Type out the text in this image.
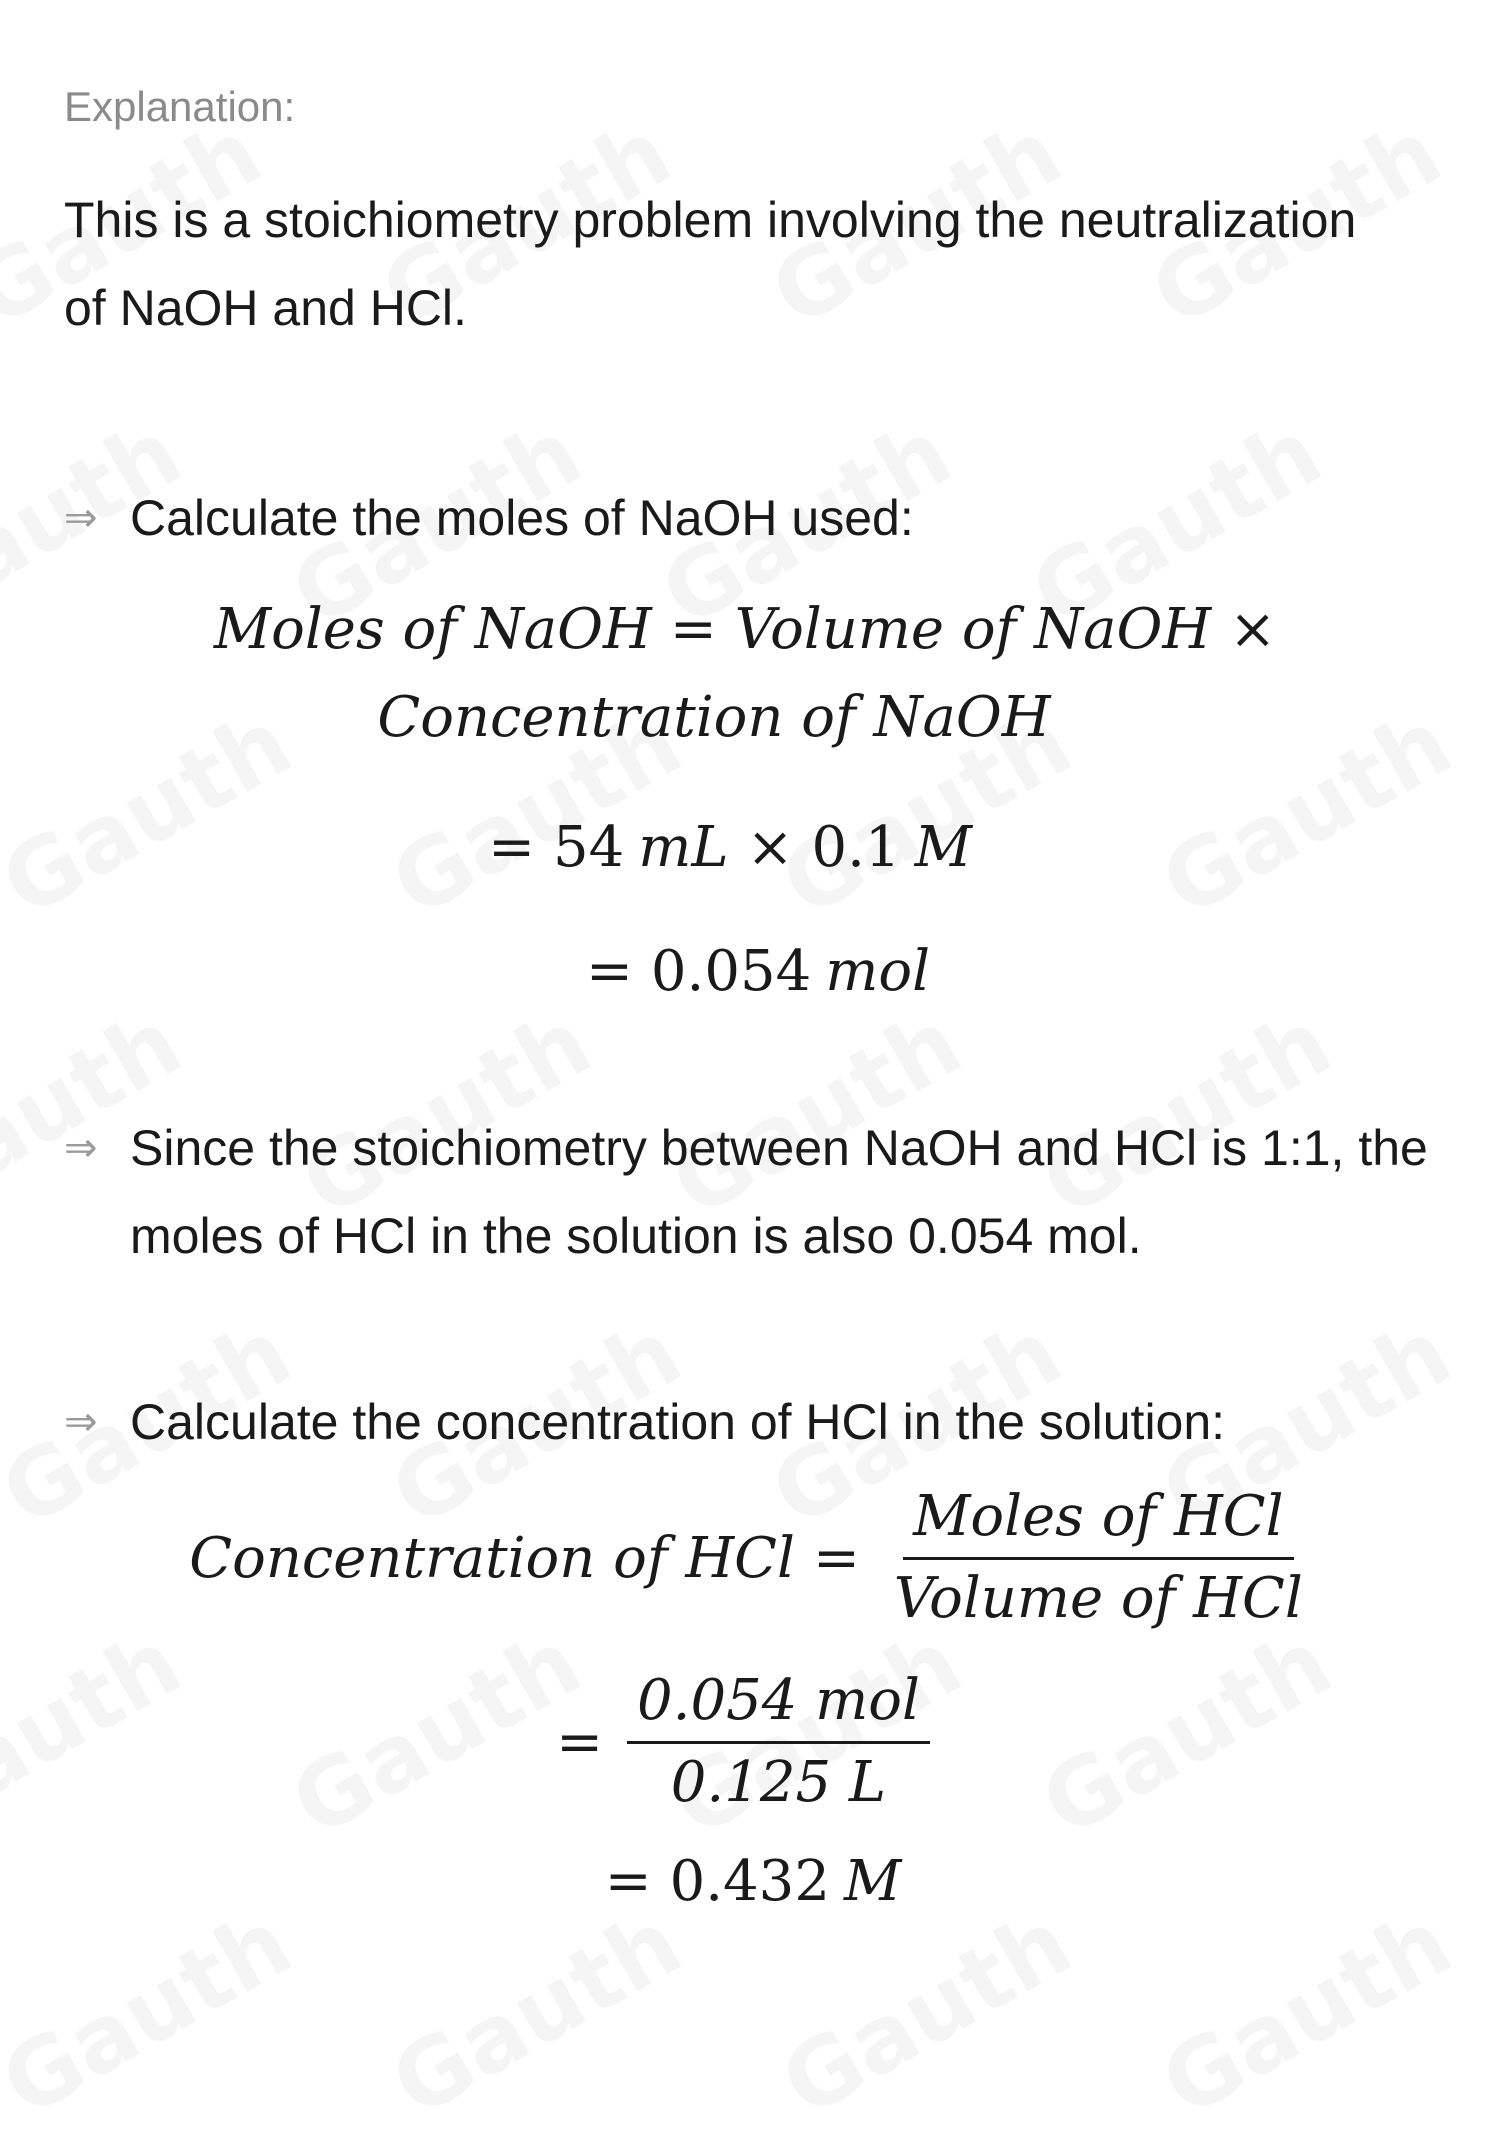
Explanation:
This is a stoichiometry problem involving the neutralization of NaOH and HCl.
⇒ Calculate the moles of NaOH used:
Moles of NaOH = Volume of NaOH ×
Concentration of NaOH
= 54 mL × 0.1 M
= 0.054 mol
⇒ Since the stoichiometry between NaOH and HCl is 1:1, the moles of HCl in the solution is also 0.054 mol.
⇒ Calculate the concentration of HCl in the solution:
Concentration of HCl = $\frac{\text{Moles of HCl}}{\text{Volume of HCl}}$
= $\frac{\text{0.054 mol}}{0.125 L}$
= 0.432 M
